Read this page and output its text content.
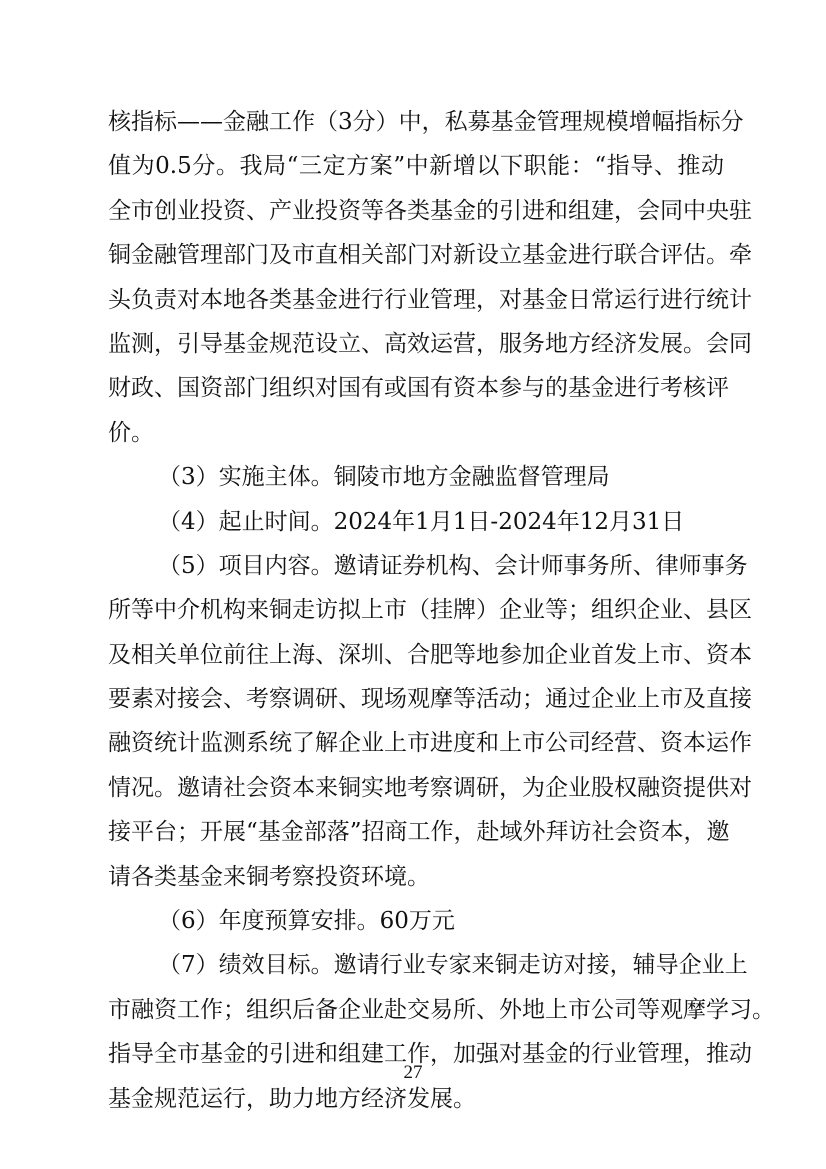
核指标——金融工作（3分）中，私募基金管理规模增幅指标分
值为0.5分。我局“三定方案”中新增以下职能：“指导、推动
全市创业投资、产业投资等各类基金的引进和组建，会同中央驻
铜金融管理部门及市直相关部门对新设立基金进行联合评估。牵
头负责对本地各类基金进行行业管理，对基金日常运行进行统计
监测，引导基金规范设立、高效运营，服务地方经济发展。会同
财政、国资部门组织对国有或国有资本参与的基金进行考核评
价。
（3）实施主体。铜陵市地方金融监督管理局
（4）起止时间。2024年1月1日-2024年12月31日
（5）项目内容。邀请证券机构、会计师事务所、律师事务
所等中介机构来铜走访拟上市（挂牌）企业等；组织企业、县区
及相关单位前往上海、深圳、合肥等地参加企业首发上市、资本
要素对接会、考察调研、现场观摩等活动；通过企业上市及直接
融资统计监测系统了解企业上市进度和上市公司经营、资本运作
情况。邀请社会资本来铜实地考察调研，为企业股权融资提供对
接平台；开展“基金部落”招商工作，赴域外拜访社会资本，邀
请各类基金来铜考察投资环境。
（6）年度预算安排。60万元
（7）绩效目标。邀请行业专家来铜走访对接，辅导企业上
市融资工作；组织后备企业赴交易所、外地上市公司等观摩学习。
指导全市基金的引进和组建工作，加强对基金的行业管理，推动
基金规范运行，助力地方经济发展。
27
